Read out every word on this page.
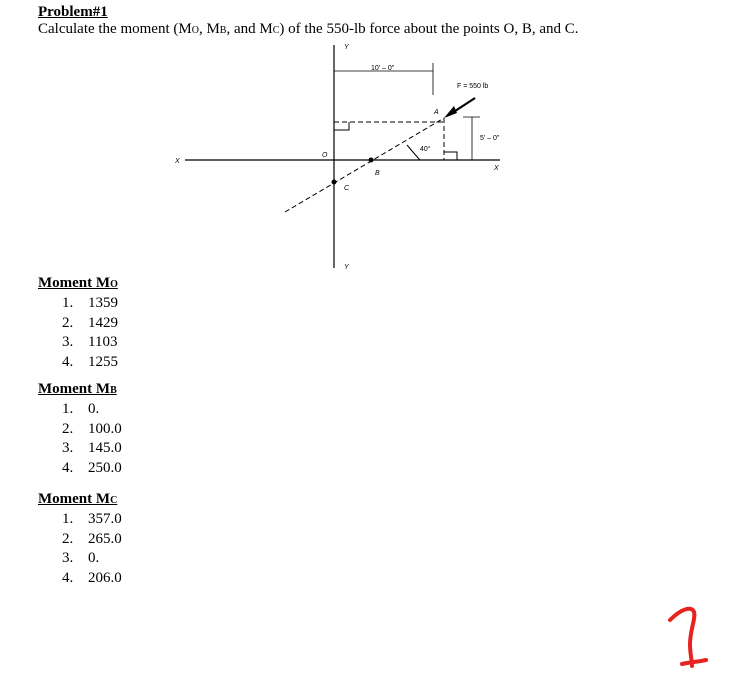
Problem#1

Calculate the moment (MO, MB, and MC) of the 550-lb force about the points O, B, and C.

Y
Y
X
X
O
A
B
C
10' – 0"
5' – 0"
F = 550 lb
40°
Moment MO
1. 1359
2. 1429
3. 1103
4. 1255
Moment MB
1. 0.
2. 100.0
3. 145.0
4. 250.0
Moment MC
1. 357.0
2. 265.0
3. 0.
4. 206.0
